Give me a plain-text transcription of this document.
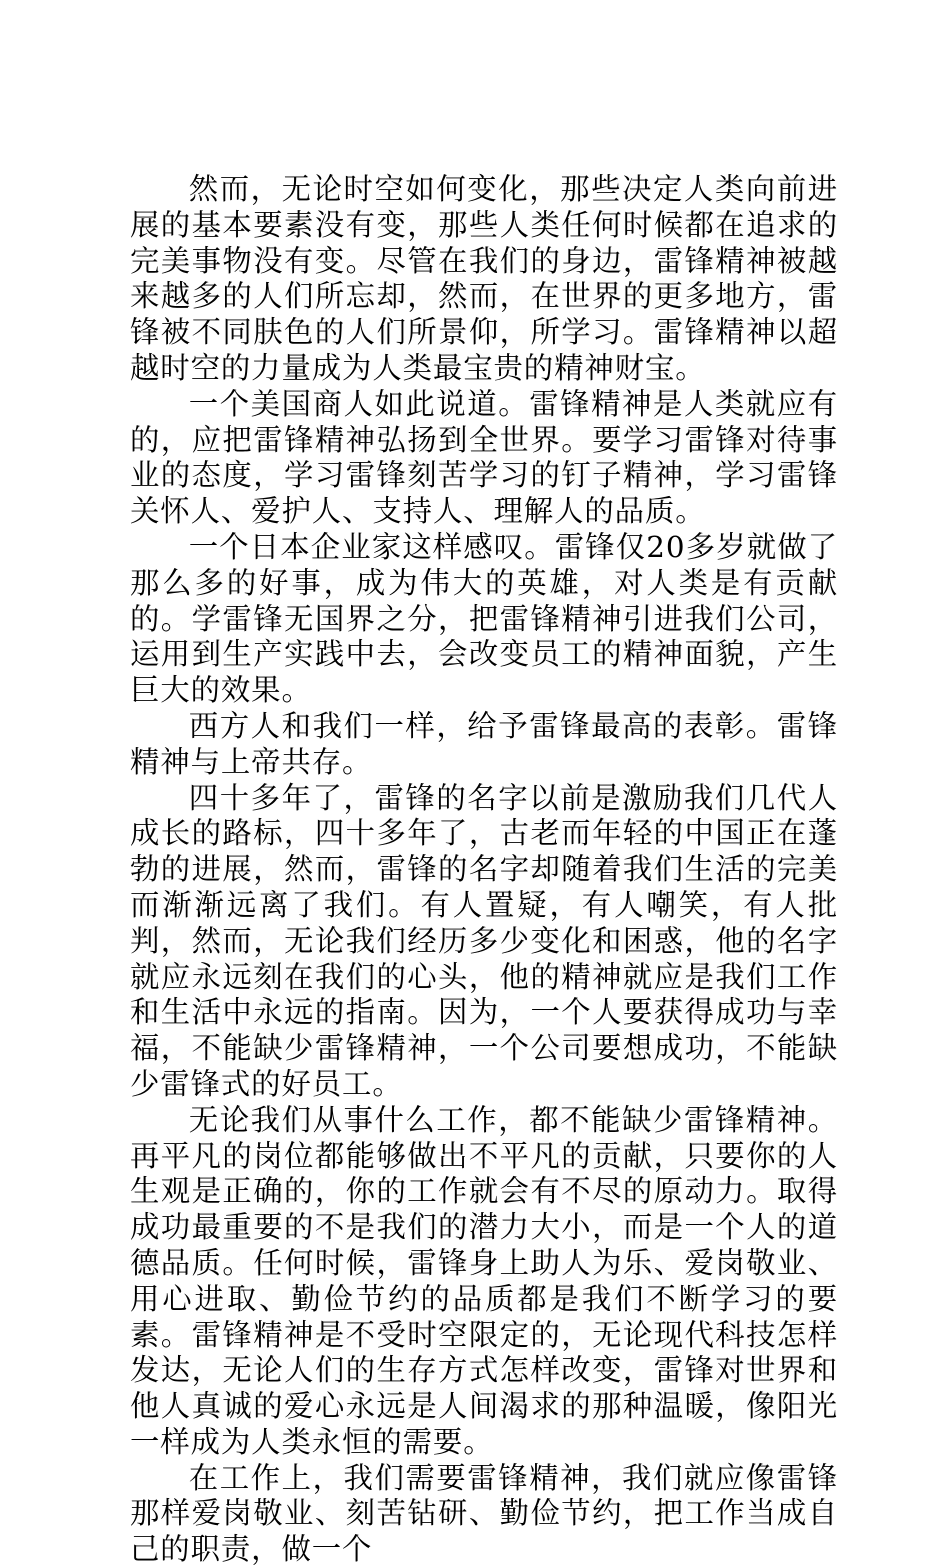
然而，无论时空如何变化，那些决定人类向前进展的基本要素没有变，那些人类任何时候都在追求的完美事物没有变。尽管在我们的身边，雷锋精神被越来越多的人们所忘却，然而，在世界的更多地方，雷锋被不同肤色的人们所景仰，所学习。雷锋精神以超越时空的力量成为人类最宝贵的精神财宝。

一个美国商人如此说道。雷锋精神是人类就应有的，应把雷锋精神弘扬到全世界。要学习雷锋对待事业的态度，学习雷锋刻苦学习的钉子精神，学习雷锋关怀人、爱护人、支持人、理解人的品质。

一个日本企业家这样感叹。雷锋仅20多岁就做了那么多的好事，成为伟大的英雄，对人类是有贡献的。学雷锋无国界之分，把雷锋精神引进我们公司，运用到生产实践中去，会改变员工的精神面貌，产生巨大的效果。

西方人和我们一样，给予雷锋最高的表彰。雷锋精神与上帝共存。

四十多年了，雷锋的名字以前是激励我们几代人成长的路标，四十多年了，古老而年轻的中国正在蓬勃的进展，然而，雷锋的名字却随着我们生活的完美而渐渐远离了我们。有人置疑，有人嘲笑，有人批判，然而，无论我们经历多少变化和困惑，他的名字就应永远刻在我们的心头，他的精神就应是我们工作和生活中永远的指南。因为，一个人要获得成功与幸福，不能缺少雷锋精神，一个公司要想成功，不能缺少雷锋式的好员工。

无论我们从事什么工作，都不能缺少雷锋精神。再平凡的岗位都能够做出不平凡的贡献，只要你的人生观是正确的，你的工作就会有不尽的原动力。取得成功最重要的不是我们的潜力大小，而是一个人的道德品质。任何时候，雷锋身上助人为乐、爱岗敬业、用心进取、勤俭节约的品质都是我们不断学习的要素。雷锋精神是不受时空限定的，无论现代科技怎样发达，无论人们的生存方式怎样改变，雷锋对世界和他人真诚的爱心永远是人间渴求的那种温暖，像阳光一样成为人类永恒的需要。

在工作上，我们需要雷锋精神，我们就应像雷锋那样爱岗敬业、刻苦钻研、勤俭节约，把工作当成自己的职责，做一个
